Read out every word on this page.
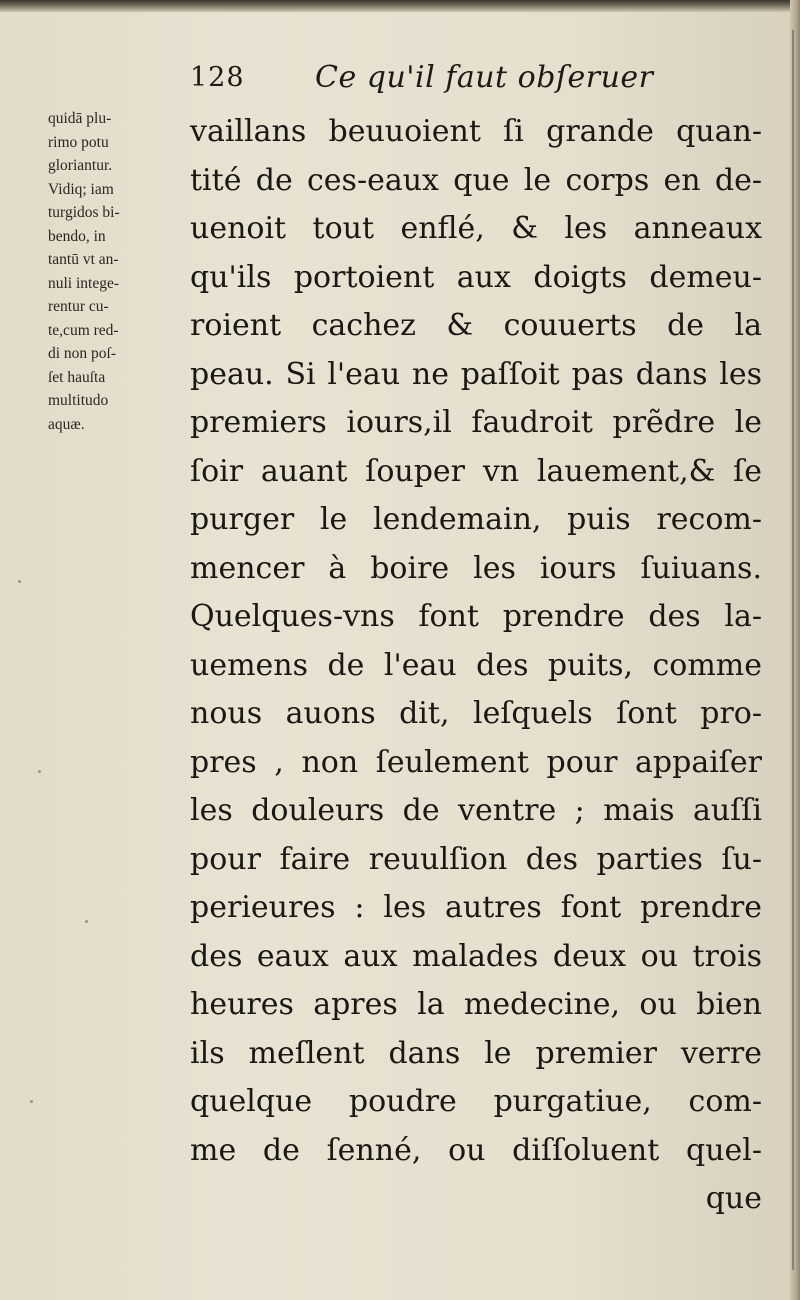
128 Ce qu'il faut obſeruer
quidā plu-
rimo potu
gloriantur.
Vidiq; iam
turgidos bi-
bendo, in
tantū vt an-
nuli intege-
rentur cu-
te,cum red-
di non poſ-
ſet hauſta
multitudo
aquæ.
vaillans beuuoient ſi grande quan-
tité de ces-eaux que le corps en de-
uenoit tout enflé, & les anneaux
qu'ils portoient aux doigts demeu-
roient cachez & couuerts de la
peau. Si l'eau ne paſſoit pas dans les
premiers iours,il faudroit prẽdre le
ſoir auant ſouper vn lauement,& ſe
purger le lendemain, puis recom-
mencer à boire les iours ſuiuans.
Quelques-vns font prendre des la-
uemens de l'eau des puits, comme
nous auons dit, leſquels ſont pro-
pres , non ſeulement pour appaiſer
les douleurs de ventre ; mais auſſi
pour faire reuulſion des parties ſu-
perieures : les autres font prendre
des eaux aux malades deux ou trois
heures apres la medecine, ou bien
ils meſlent dans le premier verre
quelque poudre purgatiue, com-
me de ſenné, ou diſſoluent quel-
que
